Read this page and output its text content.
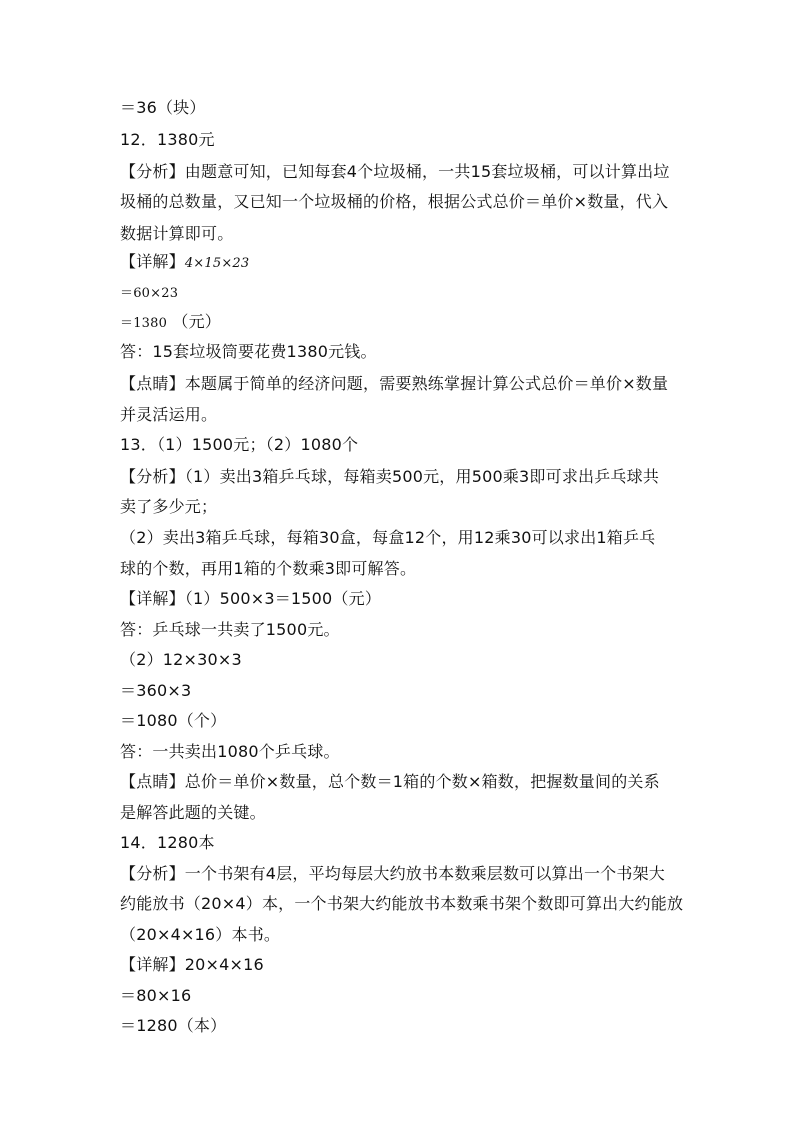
＝36（块）
12．1380元
【分析】由题意可知，已知每套4个垃圾桶，一共15套垃圾桶，可以计算出垃
圾桶的总数量，又已知一个垃圾桶的价格，根据公式总价＝单价×数量，代入
数据计算即可。
【详解】4×15×23
＝60×23
＝1380 （元）
答：15套垃圾筒要花费1380元钱。
【点睛】本题属于简单的经济问题，需要熟练掌握计算公式总价＝单价×数量
并灵活运用。
13．（1）1500元；（2）1080个
【分析】（1）卖出3箱乒乓球，每箱卖500元，用500乘3即可求出乒乓球共
卖了多少元；
（2）卖出3箱乒乓球，每箱30盒，每盒12个，用12乘30可以求出1箱乒乓
球的个数，再用1箱的个数乘3即可解答。
【详解】（1）500×3＝1500（元）
答：乒乓球一共卖了1500元。
（2）12×30×3
＝360×3
＝1080（个）
答：一共卖出1080个乒乓球。
【点睛】总价＝单价×数量，总个数＝1箱的个数×箱数，把握数量间的关系
是解答此题的关键。
14．1280本
【分析】一个书架有4层，平均每层大约放书本数乘层数可以算出一个书架大
约能放书（20×4）本，一个书架大约能放书本数乘书架个数即可算出大约能放
（20×4×16）本书。
【详解】20×4×16
＝80×16
＝1280（本）
